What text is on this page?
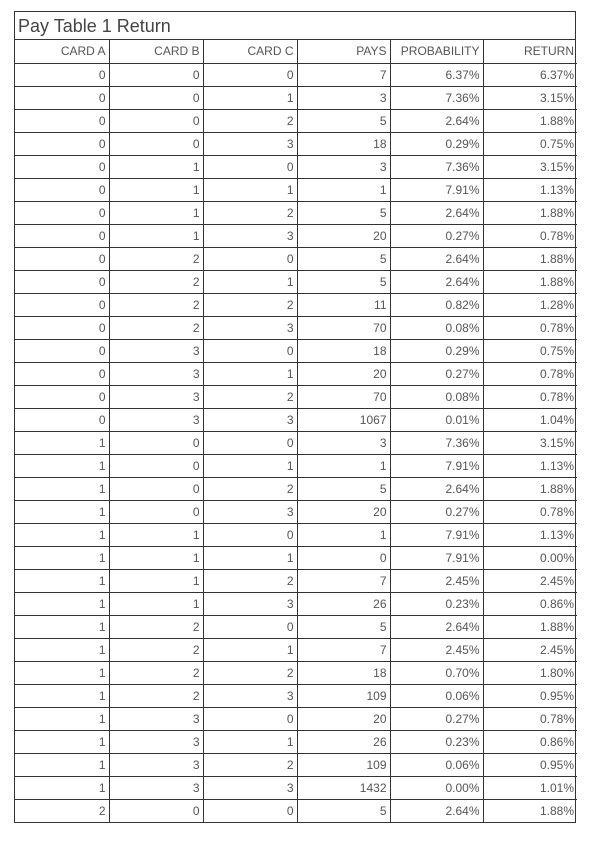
Pay Table 1 Return
CARD A	CARD B	CARD C	PAYS	PROBABILITY	RETURN
0	0	0	7	6.37%	6.37%
0	0	1	3	7.36%	3.15%
0	0	2	5	2.64%	1.88%
0	0	3	18	0.29%	0.75%
0	1	0	3	7.36%	3.15%
0	1	1	1	7.91%	1.13%
0	1	2	5	2.64%	1.88%
0	1	3	20	0.27%	0.78%
0	2	0	5	2.64%	1.88%
0	2	1	5	2.64%	1.88%
0	2	2	11	0.82%	1.28%
0	2	3	70	0.08%	0.78%
0	3	0	18	0.29%	0.75%
0	3	1	20	0.27%	0.78%
0	3	2	70	0.08%	0.78%
0	3	3	1067	0.01%	1.04%
1	0	0	3	7.36%	3.15%
1	0	1	1	7.91%	1.13%
1	0	2	5	2.64%	1.88%
1	0	3	20	0.27%	0.78%
1	1	0	1	7.91%	1.13%
1	1	1	0	7.91%	0.00%
1	1	2	7	2.45%	2.45%
1	1	3	26	0.23%	0.86%
1	2	0	5	2.64%	1.88%
1	2	1	7	2.45%	2.45%
1	2	2	18	0.70%	1.80%
1	2	3	109	0.06%	0.95%
1	3	0	20	0.27%	0.78%
1	3	1	26	0.23%	0.86%
1	3	2	109	0.06%	0.95%
1	3	3	1432	0.00%	1.01%
2	0	0	5	2.64%	1.88%
